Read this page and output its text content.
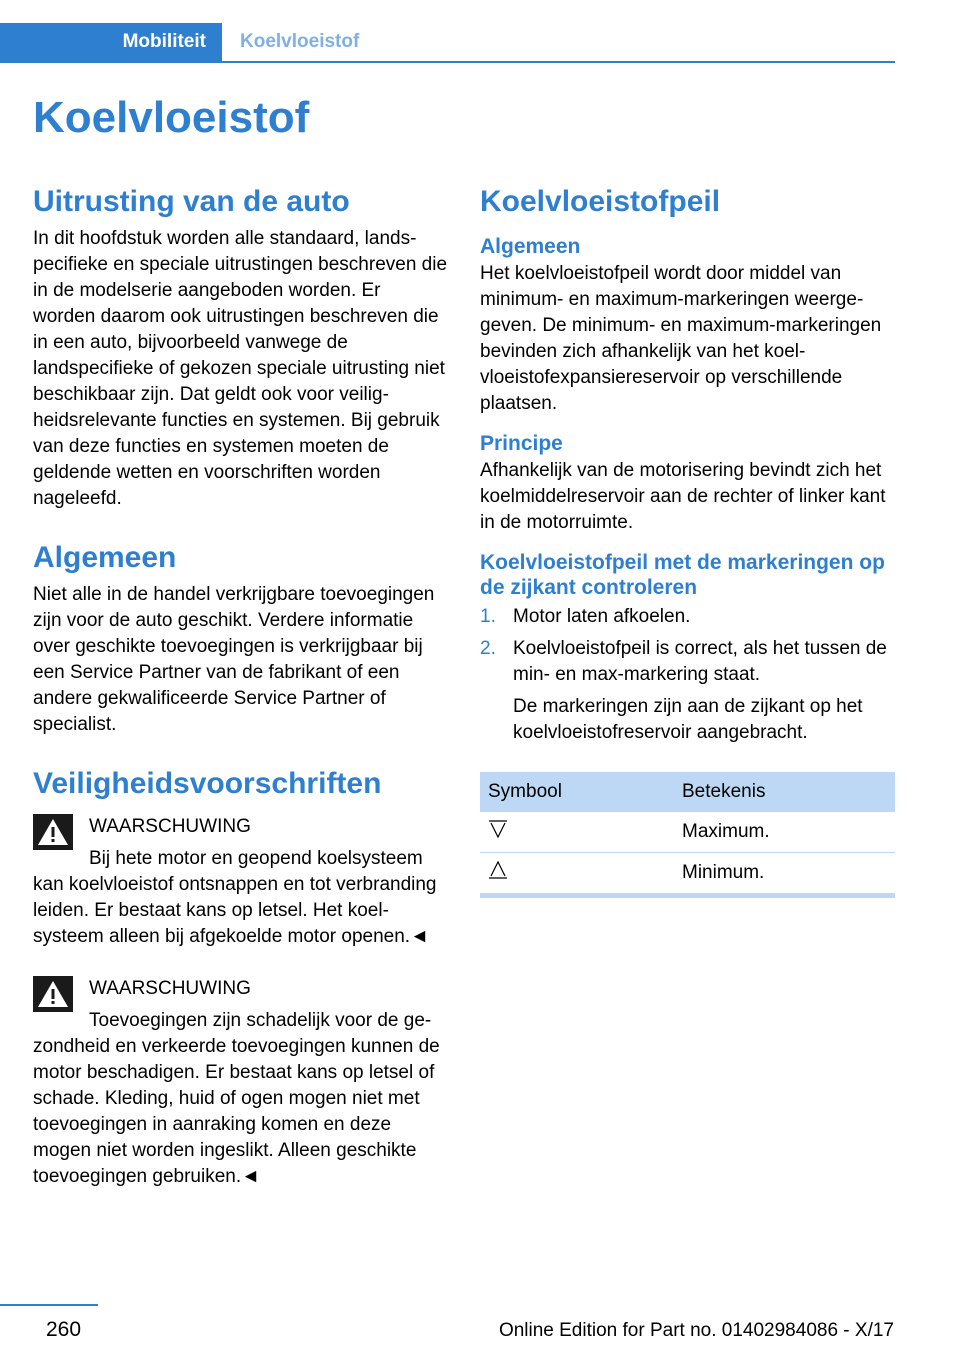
Mobiliteit	Koelvloeistof
Koelvloeistof
Uitrusting van de auto

In dit hoofdstuk worden alle standaard, landspecifieke en speciale uitrustingen beschreven die in de modelserie aangeboden worden. Er worden daarom ook uitrustingen beschreven die in een auto, bijvoorbeeld vanwege de landspecifieke of gekozen speciale uitrusting niet beschikbaar zijn. Dat geldt ook voor veiligheidsrelevante functies en systemen. Bij gebruik van deze functies en systemen moeten de geldende wetten en voorschriften worden nageleefd.

Algemeen

Niet alle in de handel verkrijgbare toevoegingen zijn voor de auto geschikt. Verdere informatie over geschikte toevoegingen is verkrijgbaar bij een Service Partner van de fabrikant of een andere gekwalificeerde Service Partner of specialist.

Veiligheidsvoorschriften
WAARSCHUWING

Bij hete motor en geopend koelsysteem kan koelvloeistof ontsnappen en tot verbranding leiden. Er bestaat kans op letsel. Het koelsysteem alleen bij afgekoelde motor openen.◄

WAARSCHUWING

Toevoegingen zijn schadelijk voor de gezondheid en verkeerde toevoegingen kunnen de motor beschadigen. Er bestaat kans op letsel of schade. Kleding, huid of ogen mogen niet met toevoegingen in aanraking komen en deze mogen niet worden ingeslikt. Alleen geschikte toevoegingen gebruiken.◄

Koelvloeistofpeil
Algemeen

Het koelvloeistofpeil wordt door middel van minimum- en maximum-markeringen weergegeven. De minimum- en maximum-markeringen bevinden zich afhankelijk van het koelvloeistofexpansiereservoir op verschillende plaatsen.

Principe

Afhankelijk van de motorisering bevindt zich het koelmiddelreservoir aan de rechter of linker kant in de motorruimte.

Koelvloeistofpeil met de markeringen op de zijkant controleren
1. Motor laten afkoelen.
2. Koelvloeistofpeil is correct, als het tussen de min- en max-markering staat.
De markeringen zijn aan de zijkant op het koelvloeistofreservoir aangebracht.
Symbool	Betekenis
	Maximum.
	Minimum.
260	Online Edition for Part no. 01402984086 - X/17
